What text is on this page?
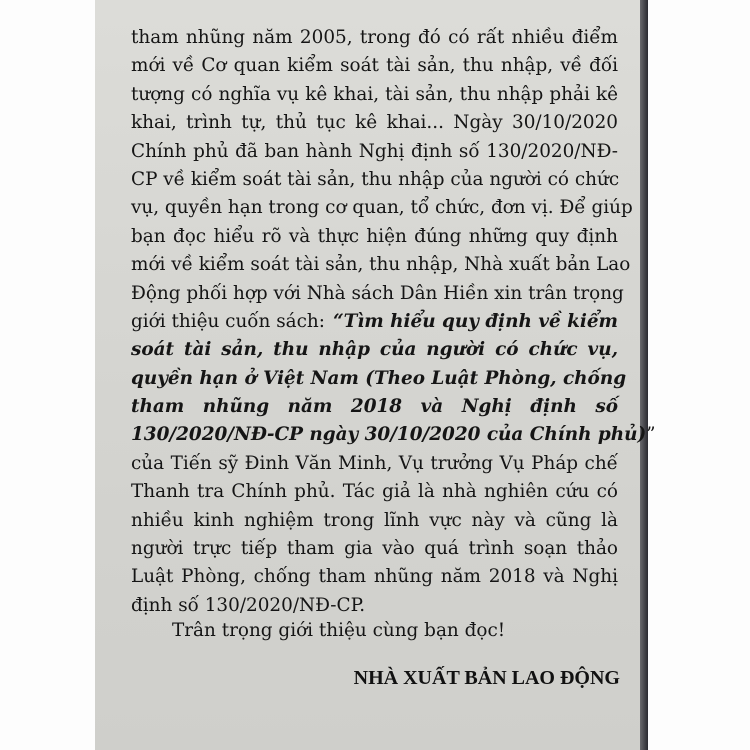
tham nhũng năm 2005, trong đó có rất nhiều điểm
mới về Cơ quan kiểm soát tài sản, thu nhập, về đối
tượng có nghĩa vụ kê khai, tài sản, thu nhập phải kê
khai, trình tự, thủ tục kê khai... Ngày 30/10/2020
Chính phủ đã ban hành Nghị định số 130/2020/NĐ-
CP về kiểm soát tài sản, thu nhập của người có chức
vụ, quyền hạn trong cơ quan, tổ chức, đơn vị. Để giúp
bạn đọc hiểu rõ và thực hiện đúng những quy định
mới về kiểm soát tài sản, thu nhập, Nhà xuất bản Lao
Động phối hợp với Nhà sách Dân Hiền xin trân trọng
giới thiệu cuốn sách: “Tìm hiểu quy định về kiểm
soát tài sản, thu nhập của người có chức vụ,
quyền hạn ở Việt Nam (Theo Luật Phòng, chống
tham nhũng năm 2018 và Nghị định số
130/2020/NĐ-CP ngày 30/10/2020 của Chính phủ) ”
của Tiến sỹ Đinh Văn Minh, Vụ trưởng Vụ Pháp chế
Thanh tra Chính phủ. Tác giả là nhà nghiên cứu có
nhiều kinh nghiệm trong lĩnh vực này và cũng là
người trực tiếp tham gia vào quá trình soạn thảo
Luật Phòng, chống tham nhũng năm 2018 và Nghị
định số 130/2020/NĐ-CP.
Trân trọng giới thiệu cùng bạn đọc!
NHÀ XUẤT BẢN LAO ĐỘNG
